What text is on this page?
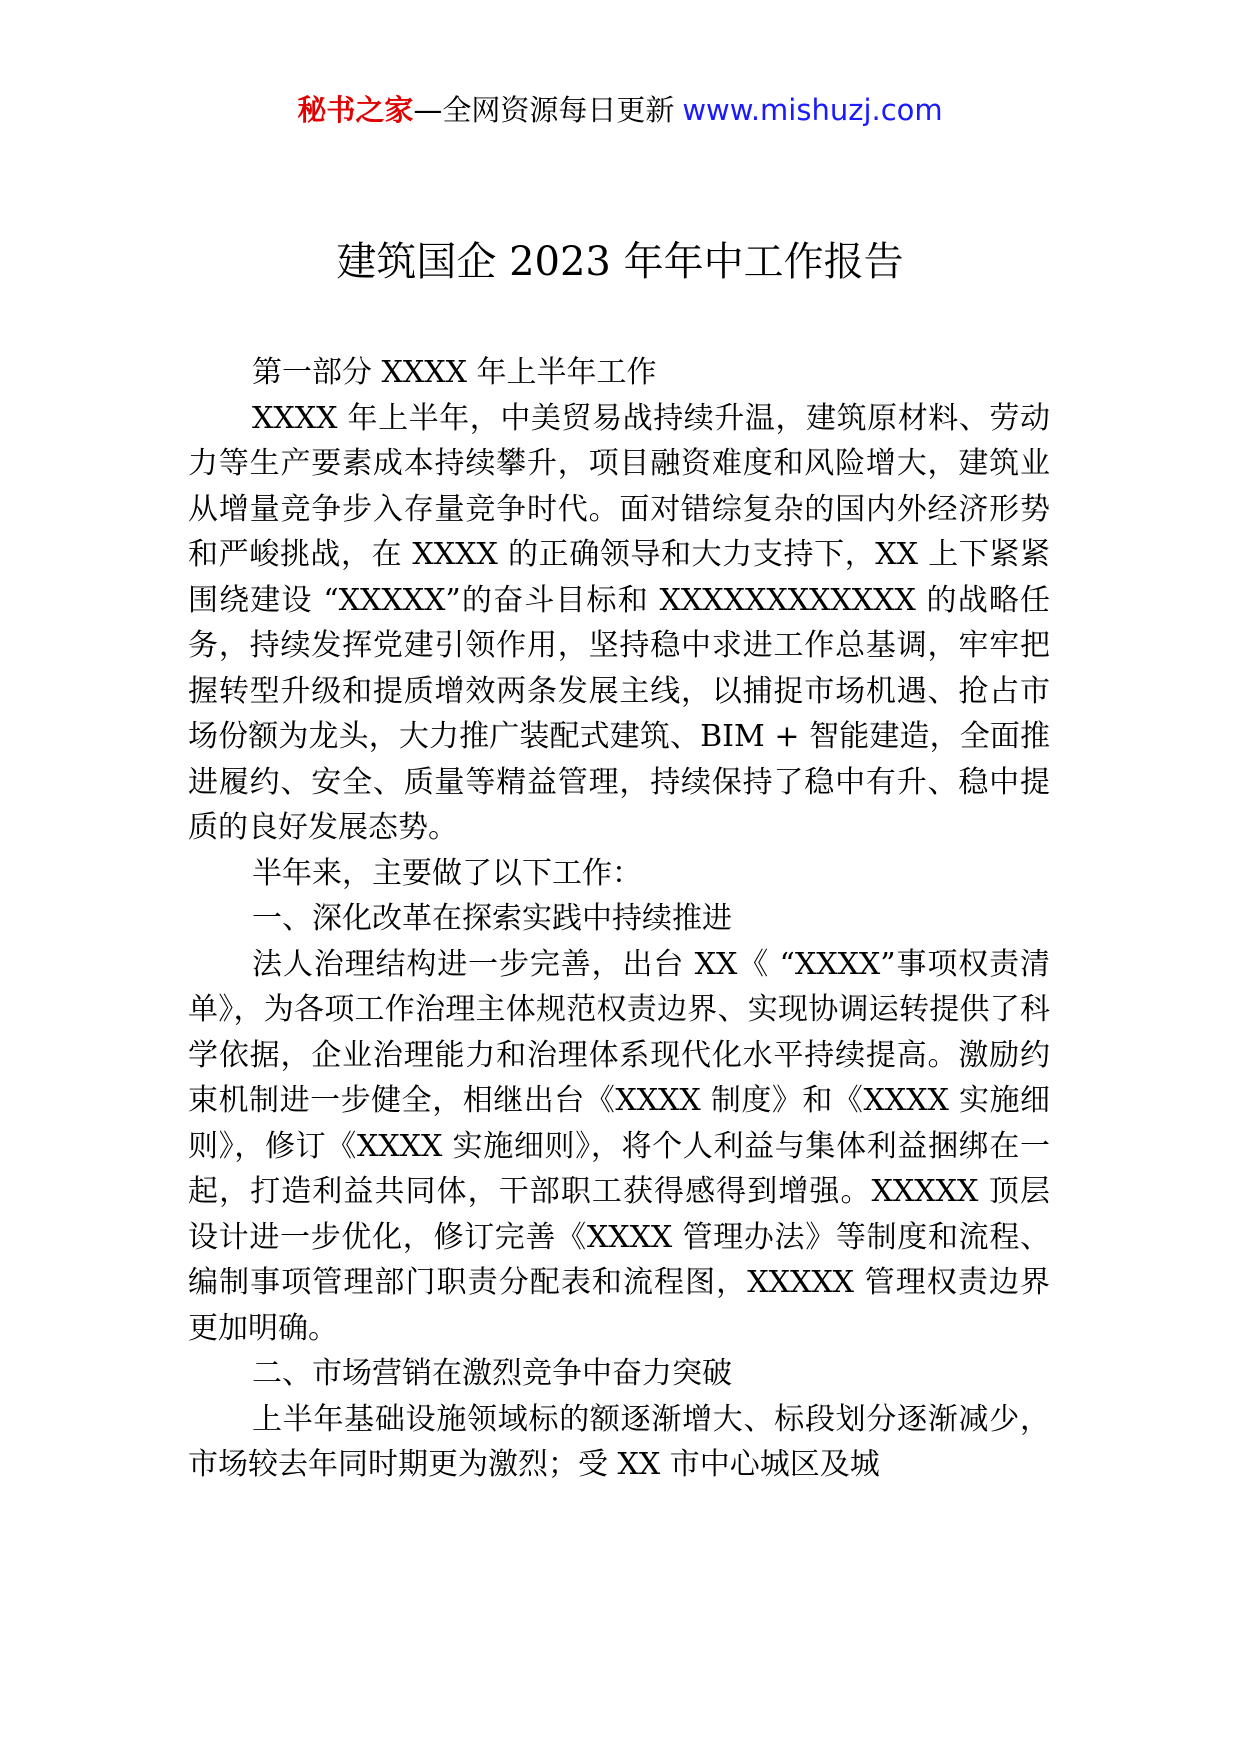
秘书之家—全网资源每日更新 www.mishuzj.com
建筑国企 2023 年年中工作报告

第一部分 XXXX 年上半年工作

XXXX 年上半年，中美贸易战持续升温，建筑原材料、劳动力等生产要素成本持续攀升，项目融资难度和风险增大，建筑业从增量竞争步入存量竞争时代。面对错综复杂的国内外经济形势和严峻挑战，在 XXXX 的正确领导和大力支持下，XX 上下紧紧围绕建设 “XXXXX”的奋斗目标和 XXXXXXXXXXXX 的战略任务，持续发挥党建引领作用，坚持稳中求进工作总基调，牢牢把握转型升级和提质增效两条发展主线，以捕捉市场机遇、抢占市场份额为龙头，大力推广装配式建筑、BIM + 智能建造，全面推进履约、安全、质量等精益管理，持续保持了稳中有升、稳中提质的良好发展态势。

半年来，主要做了以下工作：

一、深化改革在探索实践中持续推进

法人治理结构进一步完善，出台 XX《 “XXXX”事项权责清单》，为各项工作治理主体规范权责边界、实现协调运转提供了科学依据，企业治理能力和治理体系现代化水平持续提高。激励约束机制进一步健全，相继出台《XXXX 制度》和《XXXX 实施细则》，修订《XXXX 实施细则》，将个人利益与集体利益捆绑在一起，打造利益共同体，干部职工获得感得到增强。XXXXX 顶层设计进一步优化，修订完善《XXXX 管理办法》等制度和流程、编制事项管理部门职责分配表和流程图，XXXXX 管理权责边界更加明确。

二、市场营销在激烈竞争中奋力突破

上半年基础设施领域标的额逐渐增大、标段划分逐渐减少，市场较去年同时期更为激烈；受 XX 市中心城区及城
